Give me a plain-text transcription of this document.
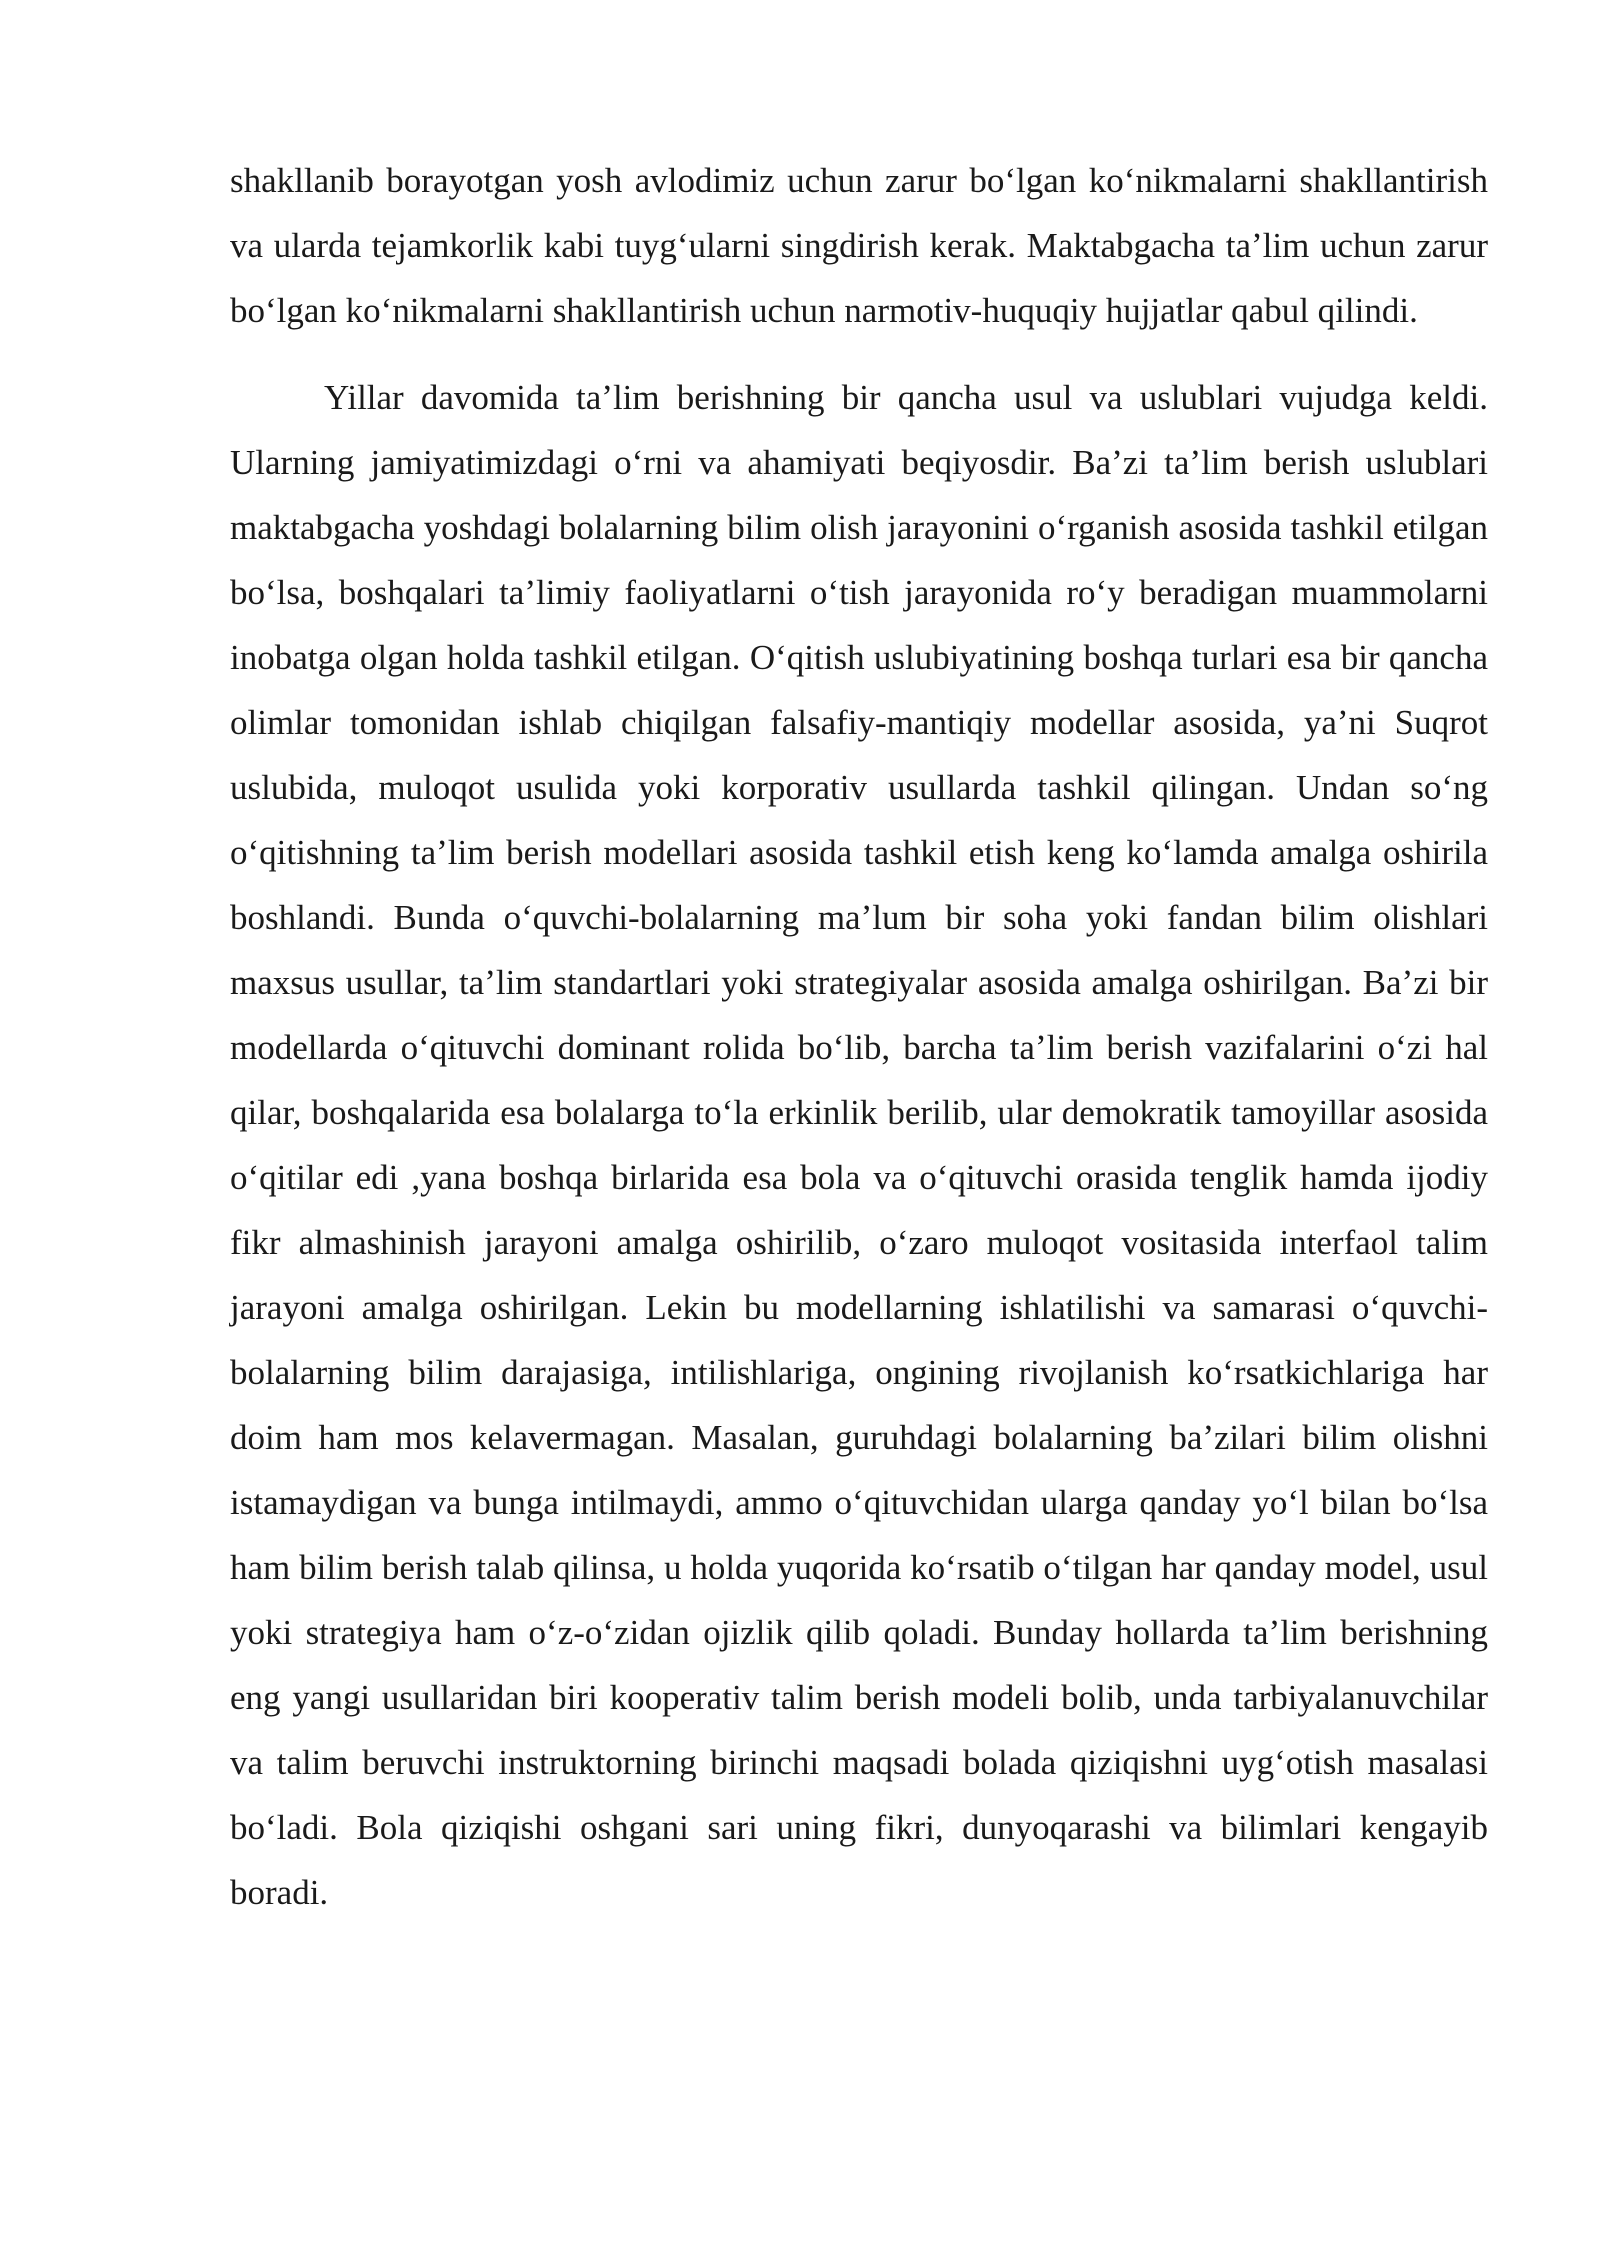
shakllanib borayotgan yosh avlodimiz uchun zarur boʻlgan koʻnikmalarni shakllantirish va ularda tejamkorlik kabi tuygʻularni singdirish kerak. Maktabgacha taʼlim uchun zarur boʻlgan koʻnikmalarni shakllantirish uchun narmotiv-huquqiy hujjatlar qabul qilindi.

Yillar davomida taʼlim berishning bir qancha usul va uslublari vujudga keldi. Ularning jamiyatimizdagi oʻrni va ahamiyati beqiyosdir. Baʼzi taʼlim berish uslublari maktabgacha yoshdagi bolalarning bilim olish jarayonini oʻrganish asosida tashkil etilgan boʻlsa, boshqalari taʼlimiy faoliyatlarni oʻtish jarayonida roʻy beradigan muammolarni inobatga olgan holda tashkil etilgan. Oʻqitish uslubiyatining boshqa turlari esa bir qancha olimlar tomonidan ishlab chiqilgan falsafiy-mantiqiy modellar asosida, yaʼni Suqrot uslubida, muloqot usulida yoki korporativ usullarda tashkil qilingan. Undan soʻng oʻqitishning taʼlim berish modellari asosida tashkil etish keng koʻlamda amalga oshirila boshlandi. Bunda oʻquvchi-bolalarning maʼlum bir soha yoki fandan bilim olishlari maxsus usullar, taʼlim standartlari yoki strategiyalar asosida amalga oshirilgan. Baʼzi bir modellarda oʻqituvchi dominant rolida boʻlib, barcha taʼlim berish vazifalarini oʻzi hal qilar, boshqalarida esa bolalarga toʻla erkinlik berilib, ular demokratik tamoyillar asosida oʻqitilar edi ,yana boshqa birlarida esa bola va oʻqituvchi orasida tenglik hamda ijodiy fikr almashinish jarayoni amalga oshirilib, oʻzaro muloqot vositasida interfaol talim jarayoni amalga oshirilgan. Lekin bu modellarning ishlatilishi va samarasi oʻquvchi-bolalarning bilim darajasiga, intilishlariga, ongining rivojlanish koʻrsatkichlariga har doim ham mos kelavermagan. Masalan, guruhdagi bolalarning baʼzilari bilim olishni istamaydigan va bunga intilmaydi, ammo oʻqituvchidan ularga qanday yoʻl bilan boʻlsa ham bilim berish talab qilinsa, u holda yuqorida koʻrsatib oʻtilgan har qanday model, usul yoki strategiya ham oʻz-oʻzidan ojizlik qilib qoladi. Bunday hollarda taʼlim berishning eng yangi usullaridan biri kooperativ talim berish modeli bolib, unda tarbiyalanuvchilar va talim beruvchi instruktorning birinchi maqsadi bolada qiziqishni uygʻotish masalasi boʻladi. Bola qiziqishi oshgani sari uning fikri, dunyoqarashi va bilimlari kengayib boradi.
